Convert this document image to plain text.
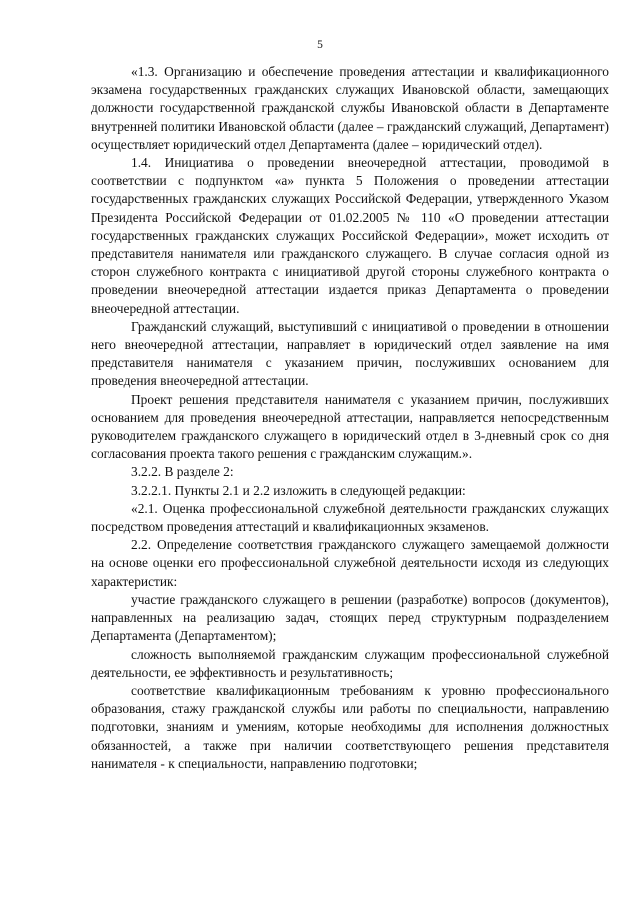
5

«1.3. Организацию и обеспечение проведения аттестации и квалификационного экзамена государственных гражданских служащих Ивановской области, замещающих должности государственной гражданской службы Ивановской области в Департаменте внутренней политики Ивановской области (далее – гражданский служащий, Департамент) осуществляет юридический отдел Департамента (далее – юридический отдел).

1.4. Инициатива о проведении внеочередной аттестации, проводимой в соответствии с подпунктом «а» пункта 5 Положения о проведении аттестации государственных гражданских служащих Российской Федерации, утвержденного Указом Президента Российской Федерации от 01.02.2005 № 110 «О проведении аттестации государственных гражданских служащих Российской Федерации», может исходить от представителя нанимателя или гражданского служащего. В случае согласия одной из сторон служебного контракта с инициативой другой стороны служебного контракта о проведении внеочередной аттестации издается приказ Департамента о проведении внеочередной аттестации.

Гражданский служащий, выступивший с инициативой о проведении в отношении него внеочередной аттестации, направляет в юридический отдел заявление на имя представителя нанимателя с указанием причин, послуживших основанием для проведения внеочередной аттестации.

Проект решения представителя нанимателя с указанием причин, послуживших основанием для проведения внеочередной аттестации, направляется непосредственным руководителем гражданского служащего в юридический отдел в 3-дневный срок со дня согласования проекта такого решения с гражданским служащим.».

3.2.2. В разделе 2:

3.2.2.1. Пункты 2.1 и 2.2 изложить в следующей редакции:

«2.1. Оценка профессиональной служебной деятельности гражданских служащих посредством проведения аттестаций и квалификационных экзаменов.

2.2. Определение соответствия гражданского служащего замещаемой должности на основе оценки его профессиональной служебной деятельности исходя из следующих характеристик:

участие гражданского служащего в решении (разработке) вопросов (документов), направленных на реализацию задач, стоящих перед структурным подразделением Департамента (Департаментом);

сложность выполняемой гражданским служащим профессиональной служебной деятельности, ее эффективность и результативность;

соответствие квалификационным требованиям к уровню профессионального образования, стажу гражданской службы или работы по специальности, направлению подготовки, знаниям и умениям, которые необходимы для исполнения должностных обязанностей, а также при наличии соответствующего решения представителя нанимателя - к специальности, направлению подготовки;
